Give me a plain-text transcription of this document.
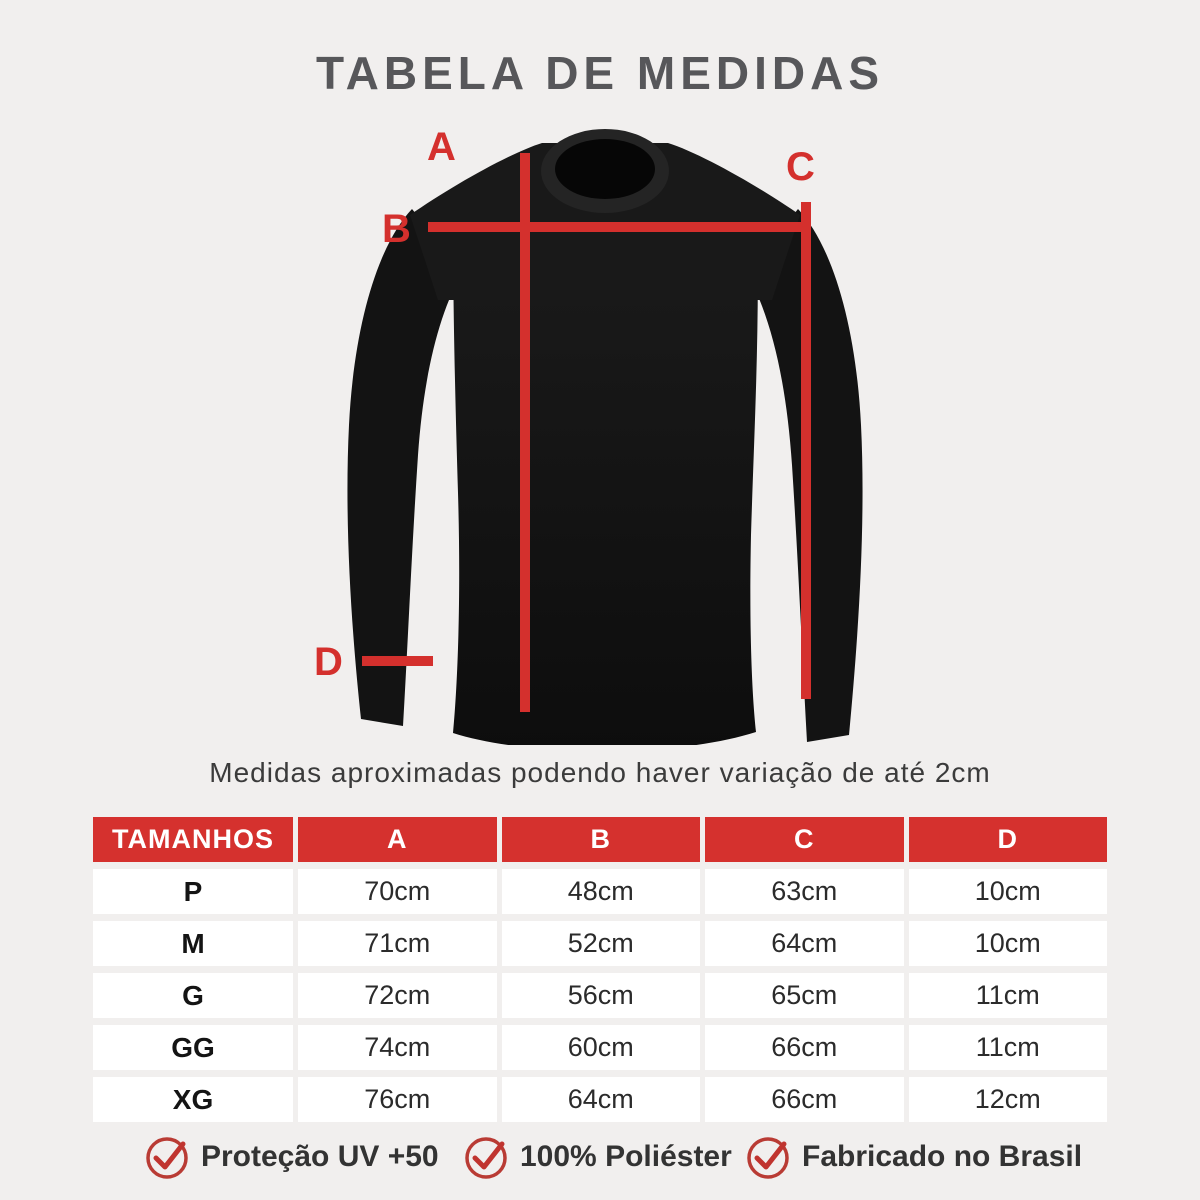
TABELA DE MEDIDAS
A
B
C
D
Medidas aproximadas podendo haver variação de até 2cm
TAMANHOS	A	B	C	D
P	70cm	48cm	63cm	10cm
M	71cm	52cm	64cm	10cm
G	72cm	56cm	65cm	11cm
GG	74cm	60cm	66cm	11cm
XG	76cm	64cm	66cm	12cm
Proteção UV +50	100% Poliéster Fabricado no Brasil
